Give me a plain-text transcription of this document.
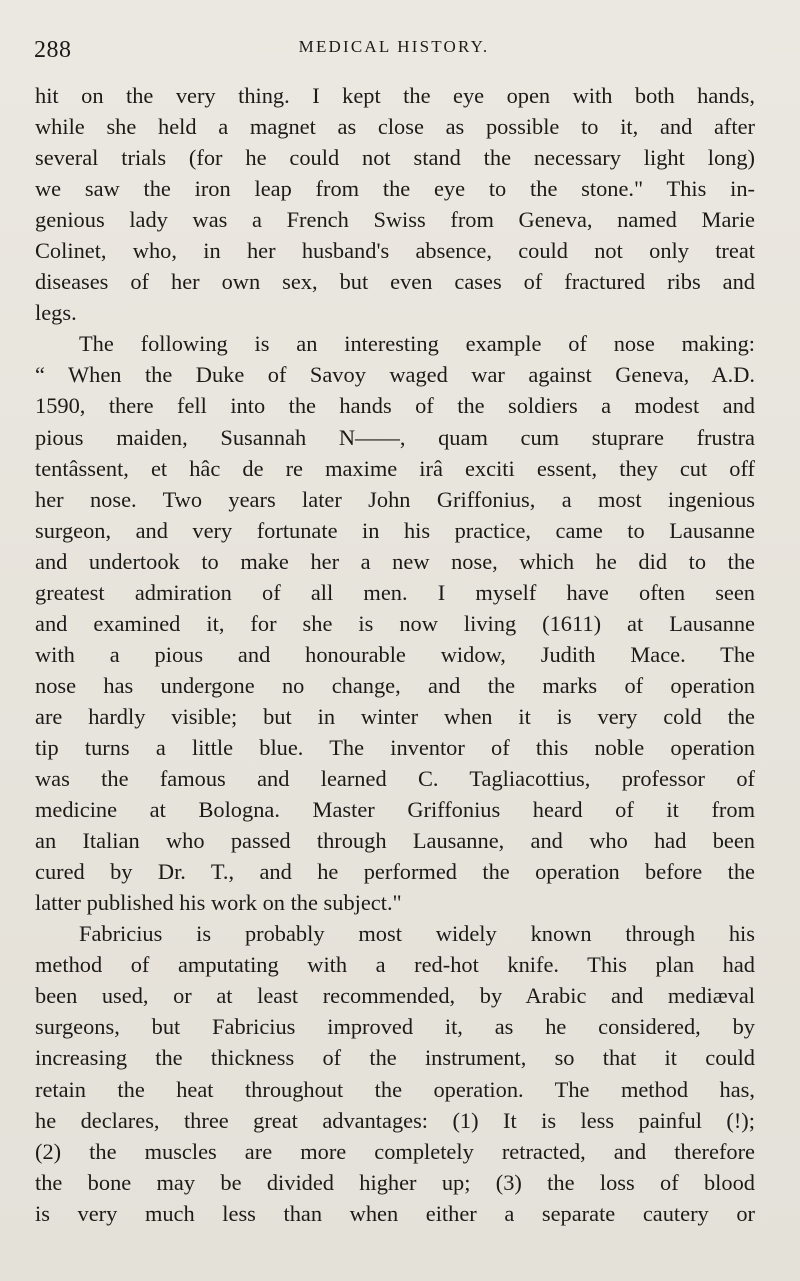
288	MEDICAL HISTORY.
hit on the very thing. I kept the eye open with both hands,
while she held a magnet as close as possible to it, and after
several trials (for he could not stand the necessary light long)
we saw the iron leap from the eye to the stone." This in-
genious lady was a French Swiss from Geneva, named Marie
Colinet, who, in her husband's absence, could not only treat
diseases of her own sex, but even cases of fractured ribs and
legs.
The following is an interesting example of nose making:
“ When the Duke of Savoy waged war against Geneva, A.D.
1590, there fell into the hands of the soldiers a modest and
pious maiden, Susannah N——, quam cum stuprare frustra
tentâssent, et hâc de re maxime irâ exciti essent, they cut off
her nose. Two years later John Griffonius, a most ingenious
surgeon, and very fortunate in his practice, came to Lausanne
and undertook to make her a new nose, which he did to the
greatest admiration of all men. I myself have often seen
and examined it, for she is now living (1611) at Lausanne
with a pious and honourable widow, Judith Mace. The
nose has undergone no change, and the marks of operation
are hardly visible; but in winter when it is very cold the
tip turns a little blue. The inventor of this noble operation
was the famous and learned C. Tagliacottius, professor of
medicine at Bologna. Master Griffonius heard of it from
an Italian who passed through Lausanne, and who had been
cured by Dr. T., and he performed the operation before the
latter published his work on the subject."
Fabricius is probably most widely known through his
method of amputating with a red-hot knife. This plan had
been used, or at least recommended, by Arabic and mediæval
surgeons, but Fabricius improved it, as he considered, by
increasing the thickness of the instrument, so that it could
retain the heat throughout the operation. The method has,
he declares, three great advantages: (1) It is less painful (!);
(2) the muscles are more completely retracted, and therefore
the bone may be divided higher up; (3) the loss of blood
is very much less than when either a separate cautery or
